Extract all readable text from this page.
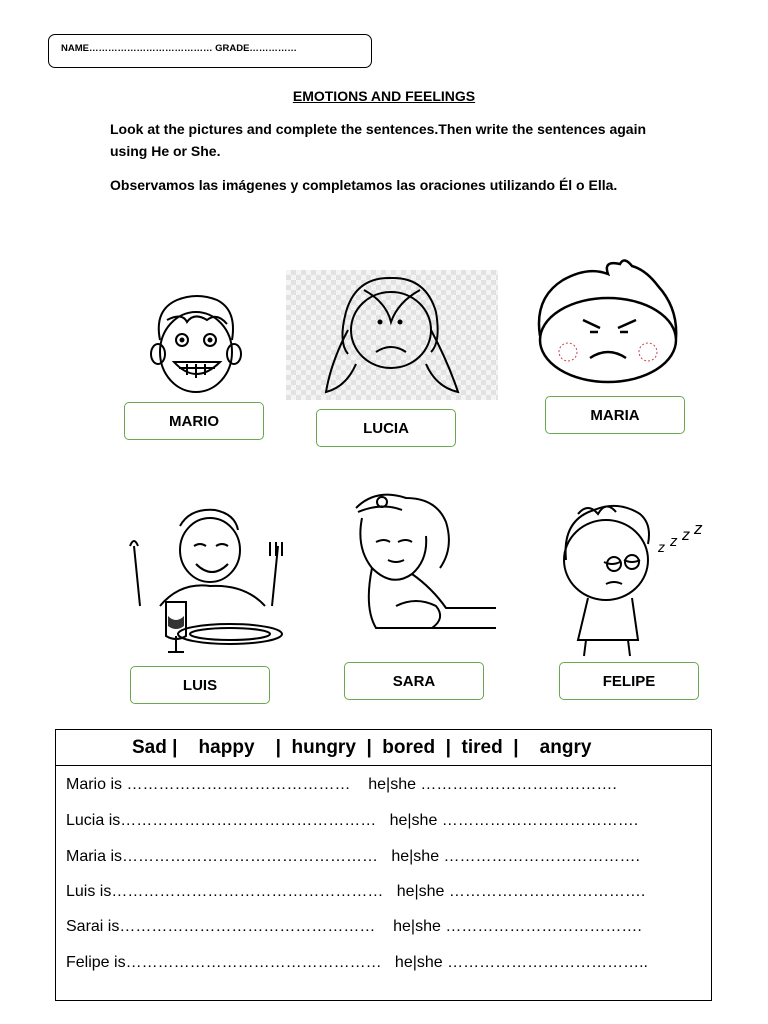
NAME………………………………… GRADE……………
EMOTIONS AND FEELINGS
Look at the pictures and complete the sentences.Then write the sentences again using He or She.
Observamos las imágenes y completamos las oraciones utilizando Él o Ella.
z z z z
MARIO	LUCIA
MARIA
LUIS	SARA	FELIPE
Sad |    happy    |  hungry  |  bored  |  tired  |    angry
Mario is ……………………………………    he|she ……………………………….
Lucia is…………………………………………   he|she ……………………………….
Maria is…………………………………………   he|she ……………………………….
Luis is……………………………………………   he|she ……………………………….
Sarai is…………………………………………    he|she ……………………………….
Felipe is…………………………………………   he|she ………………………………..
